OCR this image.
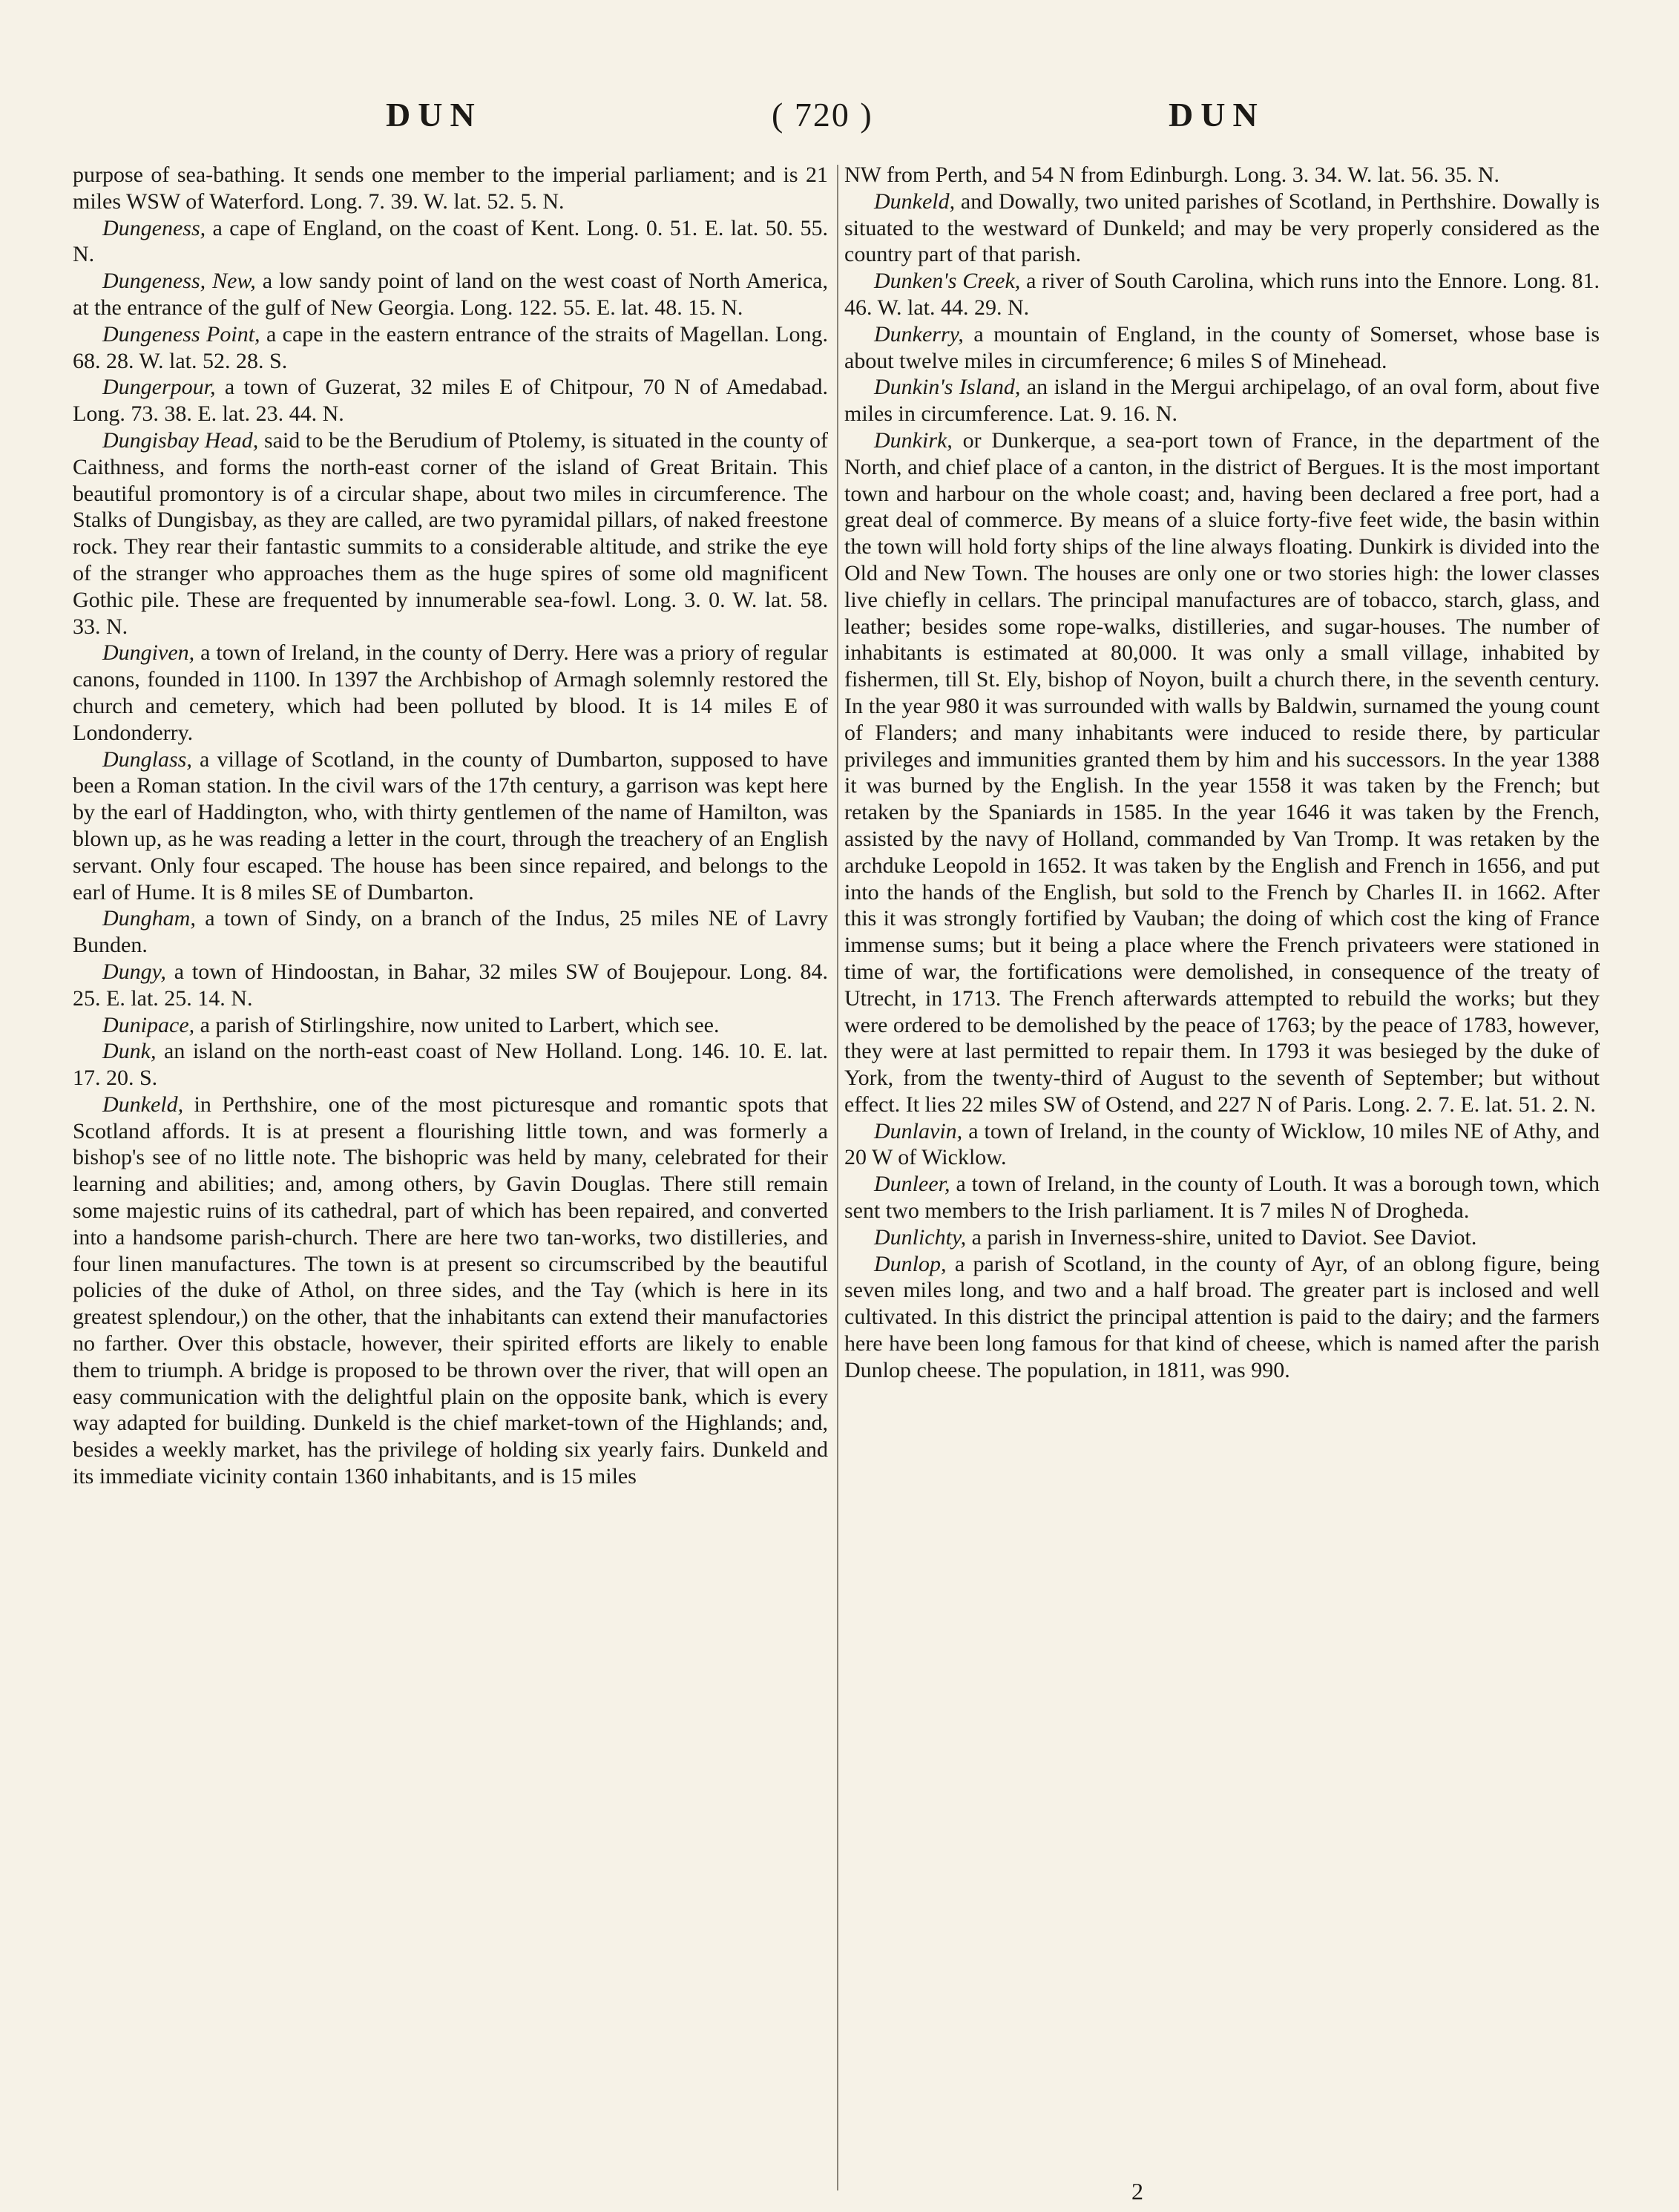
DUN	( 720 )	DUN

purpose of sea-bathing. It sends one member to the imperial parliament; and is 21 miles WSW of Waterford. Long. 7. 39. W. lat. 52. 5. N.

Dungeness, a cape of England, on the coast of Kent. Long. 0. 51. E. lat. 50. 55. N.

Dungeness, New, a low sandy point of land on the west coast of North America, at the entrance of the gulf of New Georgia. Long. 122. 55. E. lat. 48. 15. N.

Dungeness Point, a cape in the eastern entrance of the straits of Magellan. Long. 68. 28. W. lat. 52. 28. S.

Dungerpour, a town of Guzerat, 32 miles E of Chitpour, 70 N of Amedabad. Long. 73. 38. E. lat. 23. 44. N.

Dungisbay Head, said to be the Berudium of Ptolemy, is situated in the county of Caithness, and forms the north-east corner of the island of Great Britain. This beautiful promontory is of a circular shape, about two miles in circumference. The Stalks of Dungisbay, as they are called, are two pyramidal pillars, of naked freestone rock. They rear their fantastic summits to a considerable altitude, and strike the eye of the stranger who approaches them as the huge spires of some old magnificent Gothic pile. These are frequented by innumerable sea-fowl. Long. 3. 0. W. lat. 58. 33. N.

Dungiven, a town of Ireland, in the county of Derry. Here was a priory of regular canons, founded in 1100. In 1397 the Archbishop of Armagh solemnly restored the church and cemetery, which had been polluted by blood. It is 14 miles E of Londonderry.

Dunglass, a village of Scotland, in the county of Dumbarton, supposed to have been a Roman station. In the civil wars of the 17th century, a garrison was kept here by the earl of Haddington, who, with thirty gentlemen of the name of Hamilton, was blown up, as he was reading a letter in the court, through the treachery of an English servant. Only four escaped. The house has been since repaired, and belongs to the earl of Hume. It is 8 miles SE of Dumbarton.

Dungham, a town of Sindy, on a branch of the Indus, 25 miles NE of Lavry Bunden.

Dungy, a town of Hindoostan, in Bahar, 32 miles SW of Boujepour. Long. 84. 25. E. lat. 25. 14. N.

Dunipace, a parish of Stirlingshire, now united to Larbert, which see.

Dunk, an island on the north-east coast of New Holland. Long. 146. 10. E. lat. 17. 20. S.

Dunkeld, in Perthshire, one of the most picturesque and romantic spots that Scotland affords. It is at present a flourishing little town, and was formerly a bishop's see of no little note. The bishopric was held by many, celebrated for their learning and abilities; and, among others, by Gavin Douglas. There still remain some majestic ruins of its cathedral, part of which has been repaired, and converted into a handsome parish-church. There are here two tan-works, two distilleries, and four linen manufactures. The town is at present so circumscribed by the beautiful policies of the duke of Athol, on three sides, and the Tay (which is here in its greatest splendour,) on the other, that the inhabitants can extend their manufactories no farther. Over this obstacle, however, their spirited efforts are likely to enable them to triumph. A bridge is proposed to be thrown over the river, that will open an easy communication with the delightful plain on the opposite bank, which is every way adapted for building. Dunkeld is the chief market-town of the Highlands; and, besides a weekly market, has the privilege of holding six yearly fairs. Dunkeld and its immediate vicinity contain 1360 inhabitants, and is 15 miles

NW from Perth, and 54 N from Edinburgh. Long. 3. 34. W. lat. 56. 35. N.

Dunkeld, and Dowally, two united parishes of Scotland, in Perthshire. Dowally is situated to the westward of Dunkeld; and may be very properly considered as the country part of that parish.

Dunken's Creek, a river of South Carolina, which runs into the Ennore. Long. 81. 46. W. lat. 44. 29. N.

Dunkerry, a mountain of England, in the county of Somerset, whose base is about twelve miles in circumference; 6 miles S of Minehead.

Dunkin's Island, an island in the Mergui archipelago, of an oval form, about five miles in circumference. Lat. 9. 16. N.

Dunkirk, or Dunkerque, a sea-port town of France, in the department of the North, and chief place of a canton, in the district of Bergues. It is the most important town and harbour on the whole coast; and, having been declared a free port, had a great deal of commerce. By means of a sluice forty-five feet wide, the basin within the town will hold forty ships of the line always floating. Dunkirk is divided into the Old and New Town. The houses are only one or two stories high: the lower classes live chiefly in cellars. The principal manufactures are of tobacco, starch, glass, and leather; besides some rope-walks, distilleries, and sugar-houses. The number of inhabitants is estimated at 80,000. It was only a small village, inhabited by fishermen, till St. Ely, bishop of Noyon, built a church there, in the seventh century. In the year 980 it was surrounded with walls by Baldwin, surnamed the young count of Flanders; and many inhabitants were induced to reside there, by particular privileges and immunities granted them by him and his successors. In the year 1388 it was burned by the English. In the year 1558 it was taken by the French; but retaken by the Spaniards in 1585. In the year 1646 it was taken by the French, assisted by the navy of Holland, commanded by Van Tromp. It was retaken by the archduke Leopold in 1652. It was taken by the English and French in 1656, and put into the hands of the English, but sold to the French by Charles II. in 1662. After this it was strongly fortified by Vauban; the doing of which cost the king of France immense sums; but it being a place where the French privateers were stationed in time of war, the fortifications were demolished, in consequence of the treaty of Utrecht, in 1713. The French afterwards attempted to rebuild the works; but they were ordered to be demolished by the peace of 1763; by the peace of 1783, however, they were at last permitted to repair them. In 1793 it was besieged by the duke of York, from the twenty-third of August to the seventh of September; but without effect. It lies 22 miles SW of Ostend, and 227 N of Paris. Long. 2. 7. E. lat. 51. 2. N.

Dunlavin, a town of Ireland, in the county of Wicklow, 10 miles NE of Athy, and 20 W of Wicklow.

Dunleer, a town of Ireland, in the county of Louth. It was a borough town, which sent two members to the Irish parliament. It is 7 miles N of Drogheda.

Dunlichty, a parish in Inverness-shire, united to Daviot. See Daviot.

Dunlop, a parish of Scotland, in the county of Ayr, of an oblong figure, being seven miles long, and two and a half broad. The greater part is inclosed and well cultivated. In this district the principal attention is paid to the dairy; and the farmers here have been long famous for that kind of cheese, which is named after the parish Dunlop cheese. The population, in 1811, was 990.

2
